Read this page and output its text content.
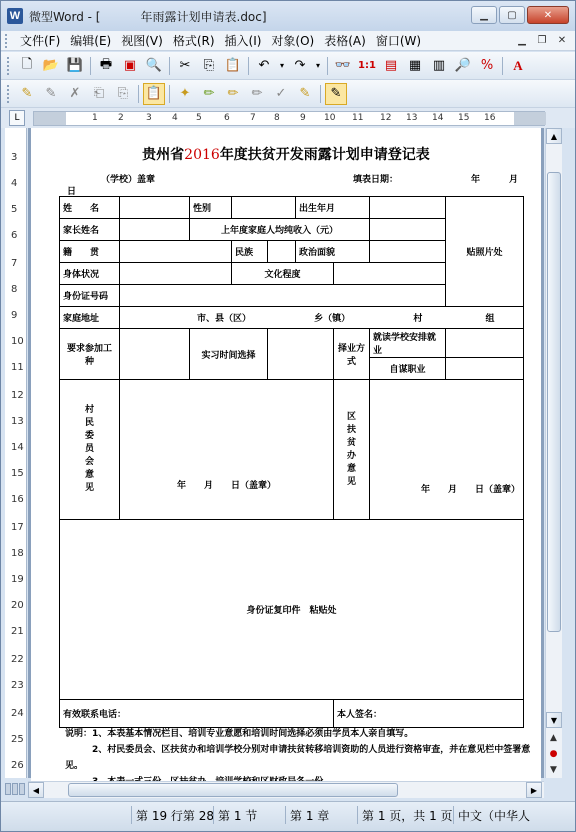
W 微型Word - [	年雨露计划申请表.doc]	▁	▢	✕
文件(F) 编辑(E) 视图(V) 格式(R) 插入(I) 对象(O) 表格(A) 窗口(W)	▁	❐	✕
🗋 📂 💾	🖶 ▣ 🔍	✂	⎘ 📋	↶	▾ ↷	▾ 👓 1:1 ▤ ▦ ▥ 🔎 %	A
✎	✎	✗	⎗	⎘	📋	✦	✏	✏	✏	✓	✎	✎
L	1 2 3 4 5 6 7 8 9 10 11 12 13 14 15 16
3
4
5
6
7
8
9
10
11
12
13
14
15
16
17
18
19
20
21
22
23
24
25
26
贵州省2016年度扶贫开发雨露计划申请登记表
（学校）盖章	填表日期：	年	月
日
姓　　名		性别			出生年月			贴照片处
家长姓名		上年度家庭人均纯收入（元）						
籍　　贯			民族		政治面貌			
身体状况			文化程度					
身份证号码								
家庭地址	市、县（区） 乡（镇） 村 组							
要求参加工种		实习时间选择				择业方式	就读学校安排就业	
							自谋职业	

村民委员会意见	年　　月　　日（盖章）					区扶贫办意见	年　　月　　日（盖章）	
身份证复印件　粘贴处								
有效联系电话：						本人签名：		
说明：1、本表基本情况栏目、培训专业意愿和培训时间选择必须由学员本人亲自填写。
　　　2、村民委员会、区扶贫办和培训学校分别对申请扶贫转移培训资助的人员进行资格审查，并在意见栏中签署意见。
▲
▼
▲
●
▼
◀	▶
第 19 行第 28 第 1 节	第 1 章	第 1 页，共 1 页 中文（中华人
